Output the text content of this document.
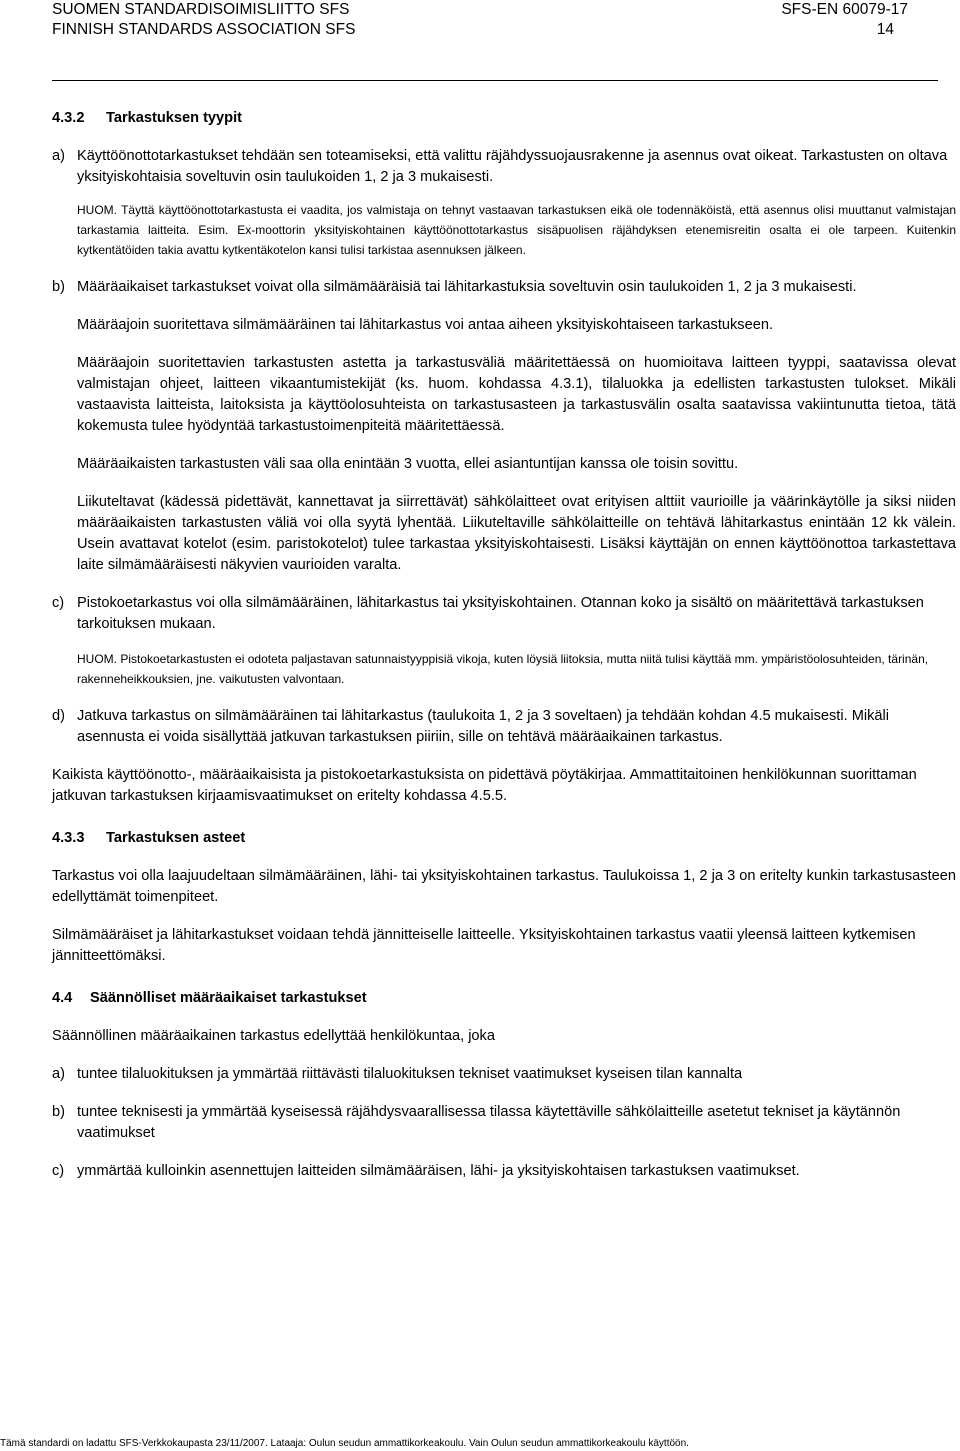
SUOMEN STANDARDISOIMISLIITTO SFS	SFS-EN 60079-17
FINNISH STANDARDS ASSOCIATION SFS	14
4.3.2 Tarkastuksen tyypit
a) Käyttöönottotarkastukset tehdään sen toteamiseksi, että valittu räjähdyssuojausrakenne ja asennus ovat oikeat. Tarkastusten on oltava yksityiskohtaisia soveltuvin osin taulukoiden 1, 2 ja 3 mukaisesti.

HUOM. Täyttä käyttöönottotarkastusta ei vaadita, jos valmistaja on tehnyt vastaavan tarkastuksen eikä ole todennäköistä, että asennus olisi muuttanut valmistajan tarkastamia laitteita. Esim. Ex-moottorin yksityiskohtainen käyttöönottotarkastus sisäpuolisen räjähdyksen etenemisreitin osalta ei ole tarpeen. Kuitenkin kytkentätöiden takia avattu kytkentäkotelon kansi tulisi tarkistaa asennuksen jälkeen.

b) Määräaikaiset tarkastukset voivat olla silmämääräisiä tai lähitarkastuksia soveltuvin osin taulukoiden 1, 2 ja 3 mukaisesti.

Määräajoin suoritettava silmämääräinen tai lähitarkastus voi antaa aiheen yksityiskohtaiseen tarkastukseen.

Määräajoin suoritettavien tarkastusten astetta ja tarkastusväliä määritettäessä on huomioitava laitteen tyyppi, saatavissa olevat valmistajan ohjeet, laitteen vikaantumistekijät (ks. huom. kohdassa 4.3.1), tilaluokka ja edellisten tarkastusten tulokset. Mikäli vastaavista laitteista, laitoksista ja käyttöolosuhteista on tarkastusasteen ja tarkastusvälin osalta saatavissa vakiintunutta tietoa, tätä kokemusta tulee hyödyntää tarkastustoimenpiteitä määritettäessä.

Määräaikaisten tarkastusten väli saa olla enintään 3 vuotta, ellei asiantuntijan kanssa ole toisin sovittu.

Liikuteltavat (kädessä pidettävät, kannettavat ja siirrettävät) sähkölaitteet ovat erityisen alttiit vaurioille ja väärinkäytölle ja siksi niiden määräaikaisten tarkastusten väliä voi olla syytä lyhentää. Liikuteltaville sähkölaitteille on tehtävä lähitarkastus enintään 12 kk välein. Usein avattavat kotelot (esim. paristokotelot) tulee tarkastaa yksityiskohtaisesti. Lisäksi käyttäjän on ennen käyttöönottoa tarkastettava laite silmämääräisesti näkyvien vaurioiden varalta.

c) Pistokoetarkastus voi olla silmämääräinen, lähitarkastus tai yksityiskohtainen. Otannan koko ja sisältö on määritettävä tarkastuksen tarkoituksen mukaan.

HUOM. Pistokoetarkastusten ei odoteta paljastavan satunnaistyyppisiä vikoja, kuten löysiä liitoksia, mutta niitä tulisi käyttää mm. ympäristöolosuhteiden, tärinän, rakenneheikkouksien, jne. vaikutusten valvontaan.

d) Jatkuva tarkastus on silmämääräinen tai lähitarkastus (taulukoita 1, 2 ja 3 soveltaen) ja tehdään kohdan 4.5 mukaisesti. Mikäli asennusta ei voida sisällyttää jatkuvan tarkastuksen piiriin, sille on tehtävä määräaikainen tarkastus.

Kaikista käyttöönotto-, määräaikaisista ja pistokoetarkastuksista on pidettävä pöytäkirjaa. Ammattitaitoinen henkilökunnan suorittaman jatkuvan tarkastuksen kirjaamisvaatimukset on eritelty kohdassa 4.5.5.

4.3.3 Tarkastuksen asteet

Tarkastus voi olla laajuudeltaan silmämääräinen, lähi- tai yksityiskohtainen tarkastus. Taulukoissa 1, 2 ja 3 on eritelty kunkin tarkastusasteen edellyttämät toimenpiteet.

Silmämääräiset ja lähitarkastukset voidaan tehdä jännitteiselle laitteelle. Yksityiskohtainen tarkastus vaatii yleensä laitteen kytkemisen jännitteettömäksi.

4.4 Säännölliset määräaikaiset tarkastukset

Säännöllinen määräaikainen tarkastus edellyttää henkilökuntaa, joka

a) tuntee tilaluokituksen ja ymmärtää riittävästi tilaluokituksen tekniset vaatimukset kyseisen tilan kannalta

b) tuntee teknisesti ja ymmärtää kyseisessä räjähdysvaarallisessa tilassa käytettäville sähkölaitteille asetetut tekniset ja käytännön vaatimukset

c) ymmärtää kulloinkin asennettujen laitteiden silmämääräisen, lähi- ja yksityiskohtaisen tarkastuksen vaatimukset.

Tämä standardi on ladattu SFS-Verkkokaupasta 23/11/2007. Lataaja: Oulun seudun ammattikorkeakoulu. Vain Oulun seudun ammattikorkeakoulu käyttöön.
